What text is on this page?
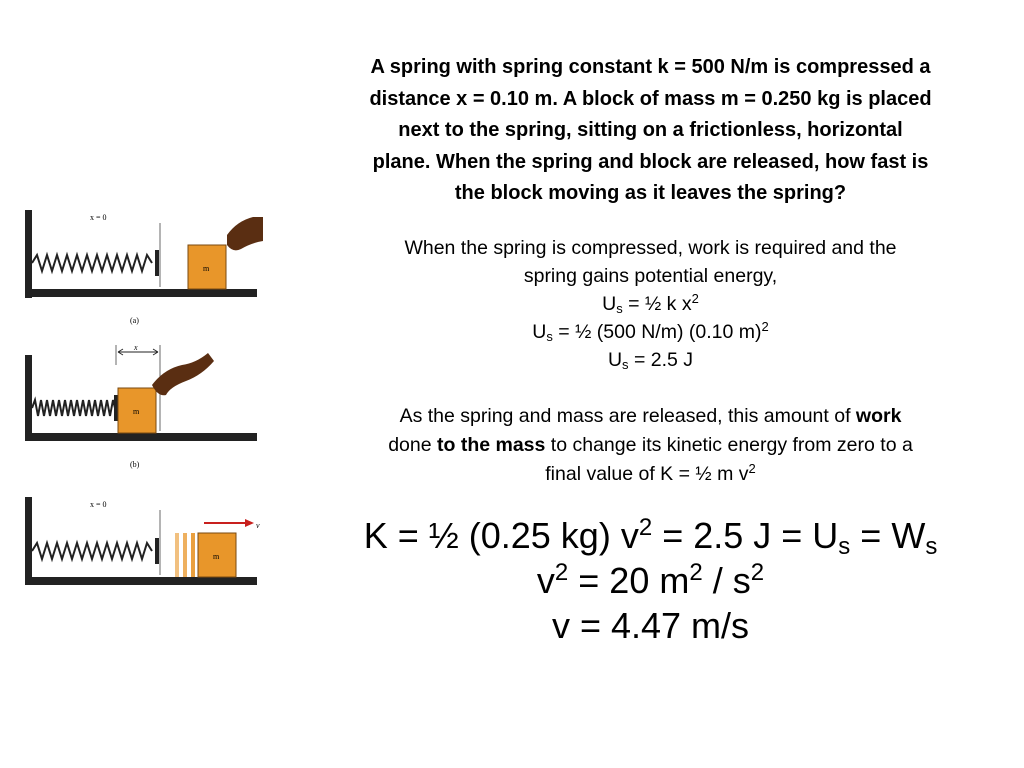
x = 0
m
(a)
x
m
(b)
x = 0
m
v

A spring with spring constant k = 500 N/m is compressed a
distance x = 0.10 m. A block of mass m = 0.250 kg is placed
next to the spring, sitting on a frictionless, horizontal
plane. When the spring and block are released, how fast is
the block moving as it leaves the spring?

When the spring is compressed, work is required and the
spring gains potential energy,
$U_s$ = ½ k $x^2$
$U_s$ = ½ (500 N/m) (0.10 m)$^2$
$U_s = 2.5$ J

As the spring and mass are released, this amount of work
done to the mass to change its kinetic energy from zero to a
final value of K = ½ m $v^2$

K = ½ (0.25 kg) $v^2 = 2.5$ $J = U_s = W_s$
$v^2 = 20$ $m^2 / s^2$
v = 4.47 m/s
